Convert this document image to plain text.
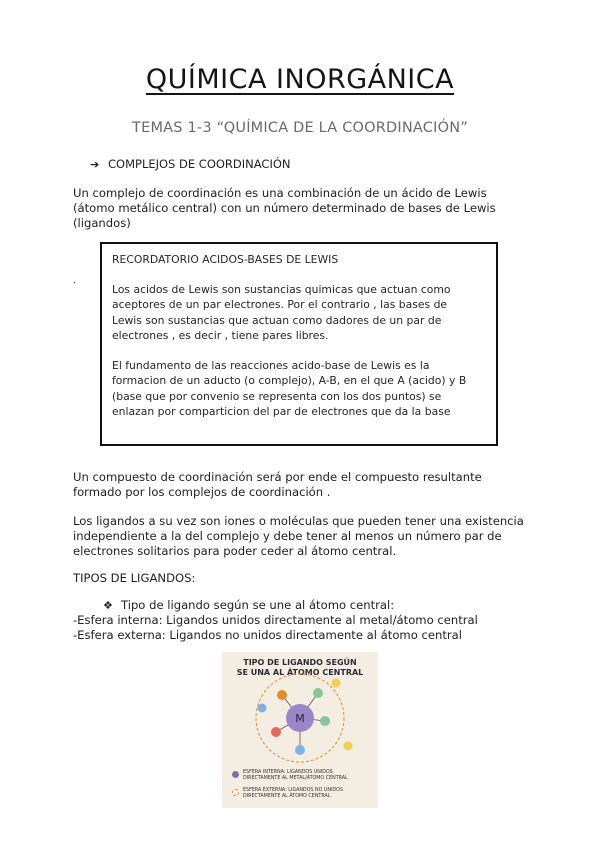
QUÍMICA INORGÁNICA
TEMAS 1-3 “QUÍMICA DE LA COORDINACIÓN”
➔ COMPLEJOS DE COORDINACIÓN
Un complejo de coordinación es una combinación de un ácido de Lewis
(átomo metálico central) con un número determinado de bases de Lewis
(ligandos)
.
RECORDATORIO ACIDOS-BASES DE LEWIS
Los acidos de Lewis son sustancias quimicas que actuan como
aceptores de un par electrones. Por el contrario , las bases de
Lewis son sustancias que actuan como dadores de un par de
electrones , es decir , tiene pares libres.
El fundamento de las reacciones acido-base de Lewis es la
formacion de un aducto (o complejo), A-B, en el que A (acido) y B
(base que por convenio se representa con los dos puntos) se
enlazan por comparticion del par de electrones que da la base
Un compuesto de coordinación será por ende el compuesto resultante
formado por los complejos de coordinación .
Los ligandos a su vez son iones o moléculas que pueden tener una existencia
independiente a la del complejo y debe tener al menos un número par de
electrones solitarios para poder ceder al átomo central.
TIPOS DE LIGANDOS:
❖ Tipo de ligando según se une al átomo central:
-Esfera interna: Ligandos unidos directamente al metal/átomo central
-Esfera externa: Ligandos no unidos directamente al átomo central
TIPO DE LIGANDO SEGÚN
SE UNA AL ÁTOMO CENTRAL
M
ESFERA INTERNA: LIGANDOS UNIDOS
DIRECTAMENTE AL METAL/ÁTOMO CENTRAL
ESFERA EXTERNA: LIGANDOS NO UNIDOS
DIRECTAMENTE AL ÁTOMO CENTRAL
